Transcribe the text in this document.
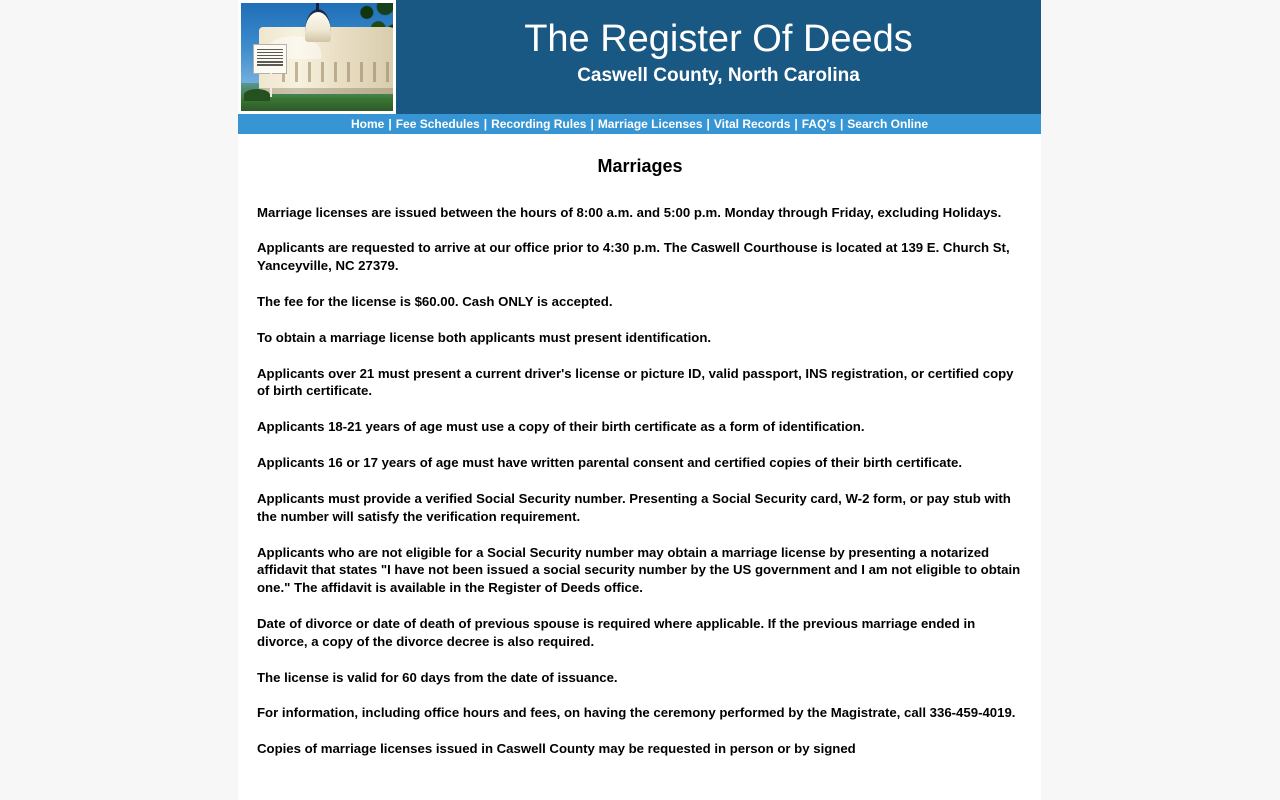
The Register Of Deeds
Caswell County, North Carolina
Home | Fee Schedules | Recording Rules | Marriage Licenses | Vital Records | FAQ's | Search Online
Marriages

Marriage licenses are issued between the hours of 8:00 a.m. and 5:00 p.m. Monday through Friday, excluding Holidays.

Applicants are requested to arrive at our office prior to 4:30 p.m. The Caswell Courthouse is located at 139 E. Church St, Yanceyville, NC 27379.

The fee for the license is $60.00. Cash ONLY is accepted.

To obtain a marriage license both applicants must present identification.

Applicants over 21 must present a current driver's license or picture ID, valid passport, INS registration, or certified copy of birth certificate.

Applicants 18-21 years of age must use a copy of their birth certificate as a form of identification.

Applicants 16 or 17 years of age must have written parental consent and certified copies of their birth certificate.

Applicants must provide a verified Social Security number. Presenting a Social Security card, W-2 form, or pay stub with the number will satisfy the verification requirement.

Applicants who are not eligible for a Social Security number may obtain a marriage license by presenting a notarized affidavit that states "I have not been issued a social security number by the US government and I am not eligible to obtain one." The affidavit is available in the Register of Deeds office.

Date of divorce or date of death of previous spouse is required where applicable. If the previous marriage ended in divorce, a copy of the divorce decree is also required.

The license is valid for 60 days from the date of issuance.

For information, including office hours and fees, on having the ceremony performed by the Magistrate, call 336-459-4019.

Copies of marriage licenses issued in Caswell County may be requested in person or by signed
